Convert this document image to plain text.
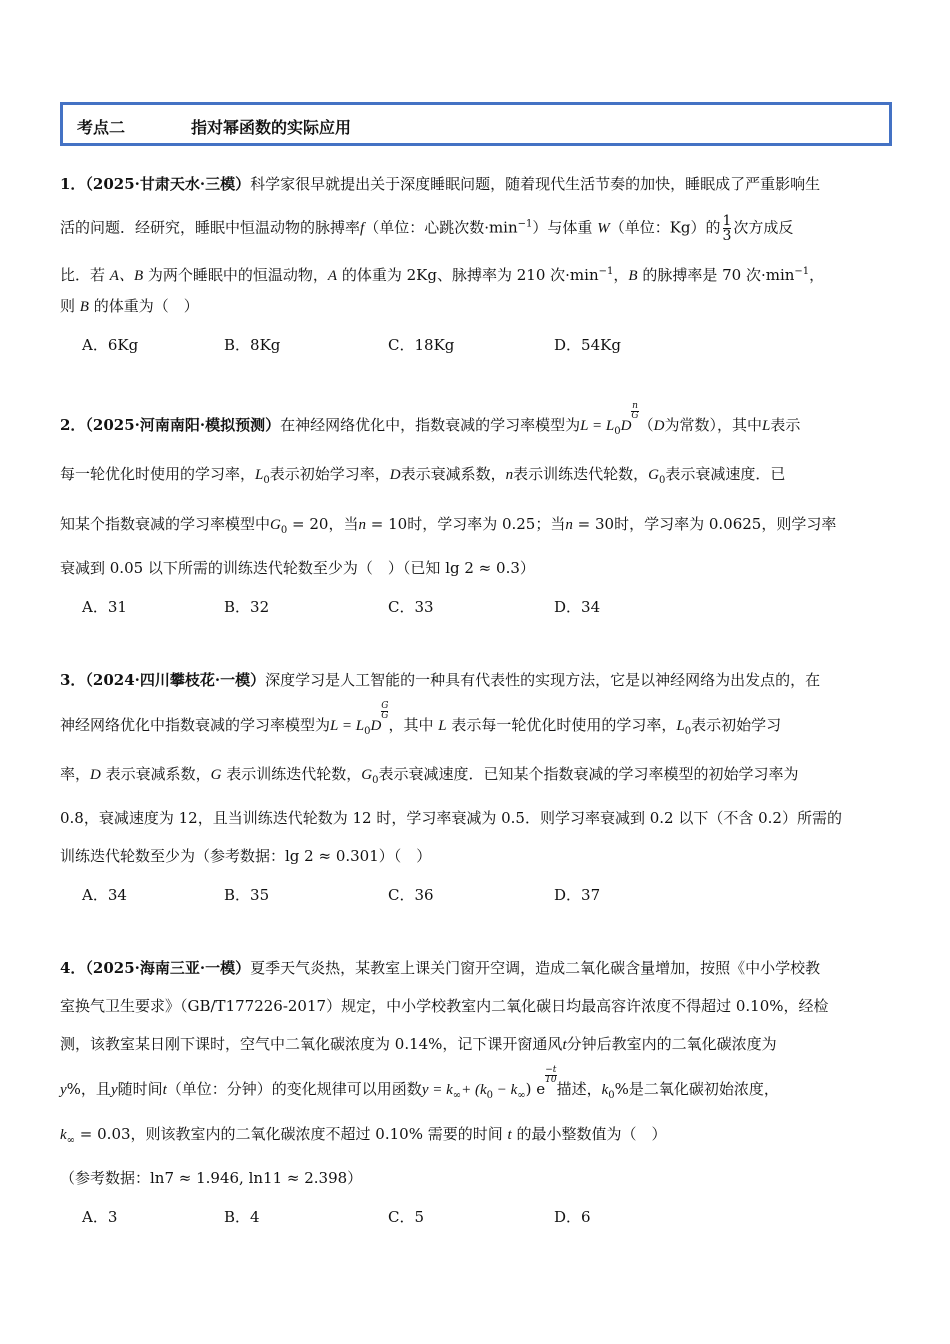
考点二	指对幂函数的实际应用
1．（2025·甘肃天水·三模）科学家很早就提出关于深度睡眠问题，随着现代生活节奏的加快，睡眠成了严重影响生
活的问题．经研究，睡眠中恒温动物的脉搏率f（单位：心跳次数$\cdot\min^{-1}$）与体重 W（单位：Kg）的 $\frac{1}{3}$ 次方成反
比．若 A、B 为两个睡眠中的恒温动物，A 的体重为 2Kg、脉搏率为 210 次$\cdot\min^{-1}$，B 的脉搏率是 70 次$\cdot\min^{-1}$，
则 B 的体重为（　）
A．6Kg	B．8Kg	C．18Kg	D．54Kg
2．（2025·河南南阳·模拟预测）在神经网络优化中，指数衰减的学习率模型为$L = L_0D$
$\frac{n}{G}$
（D为常数），其中L表示
每一轮优化时使用的学习率，$L_0$表示初始学习率，D表示衰减系数，n表示训练迭代轮数，$G_0$表示衰减速度．已
知某个指数衰减的学习率模型中$G_0 = 20$，当n = 10时，学习率为 0.25；当n = 30时，学习率为 0.0625，则学习率
衰减到 0.05 以下所需的训练迭代轮数至少为（　）（已知 lg 2 ≈ 0.3）
A．31	B．32	C．33	D．34
3．（2024·四川攀枝花·一模）深度学习是人工智能的一种具有代表性的实现方法，它是以神经网络为出发点的，在
神经网络优化中指数衰减的学习率模型为$L = L_0D$
$\frac{G}{G}$
，其中 L 表示每一轮优化时使用的学习率，$L_0$表示初始学习
率，D 表示衰减系数，G 表示训练迭代轮数，$G_0$表示衰减速度．已知某个指数衰减的学习率模型的初始学习率为
0.8，衰减速度为 12，且当训练迭代轮数为 12 时，学习率衰减为 0.5．则学习率衰减到 0.2 以下（不含 0.2）所需的
训练迭代轮数至少为（参考数据：lg 2 ≈ 0.301）（　）
A．34	B．35	C．36	D．37
4．（2025·海南三亚·一模）夏季天气炎热，某教室上课关门窗开空调，造成二氧化碳含量增加，按照《中小学校教
室换气卫生要求》（GB/T177226-2017）规定，中小学校教室内二氧化碳日均最高容许浓度不得超过 0.10%，经检
测，该教室某日刚下课时，空气中二氧化碳浓度为 0.14%，记下课开窗通风t分钟后教室内的二氧化碳浓度为
y%，且y随时间t（单位：分钟）的变化规律可以用函数$y = k_\infty+ (k_0 - k_\infty)$ e
$\frac{-t}{10}$
描述，$k_0\%$是二氧化碳初始浓度，
$k_\infty = 0.03$，则该教室内的二氧化碳浓度不超过 0.10% 需要的时间 t 的最小整数值为（　）
（参考数据：ln7 ≈ 1.946, ln11 ≈ 2.398）
A．3	B．4	C．5	D．6
